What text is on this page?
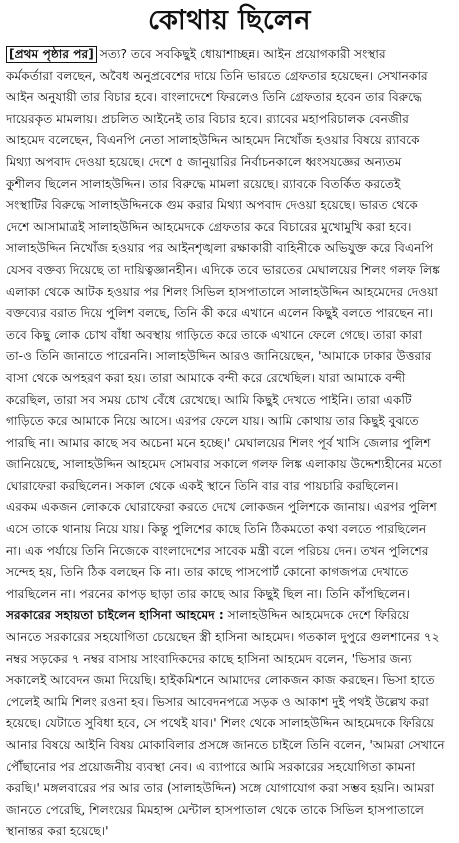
কোথায় ছিলেন
[প্রথম পৃষ্ঠার পর] সত্য? তবে সবকিছুই ধোয়াশাচ্ছন্ন। আইন প্রয়োগকারী সংস্থার
কর্মকর্তারা বলছেন, অবৈধ অনুপ্রবেশের দায়ে তিনি ভারতে গ্রেফতার হয়েছেন। সেখানকার
আইন অনুযায়ী তার বিচার হবে। বাংলাদেশে ফিরলেও তিনি গ্রেফতার হবেন তার বিরুদ্ধে
দায়েরকৃত মামলায়। প্রচলিত আইনেই তার বিচার হবে। র‌্যাবের মহাপরিচালক বেনজীর
আহমেদ বলেছেন, বিএনপি নেতা সালাহউদ্দিন আহমেদ নিখোঁজ হওয়ার বিষয়ে র‌্যাবকে
মিথ্যা অপবাদ দেওয়া হয়েছে। দেশে ৫ জানুয়ারির নির্বাচনকালে ধ্বংসযজ্ঞের অন্যতম
কুশীলব ছিলেন সালাহউদ্দিন। তার বিরুদ্ধে মামলা রয়েছে। র‌্যাবকে বিতর্কিত করতেই
সংস্থাটির বিরুদ্ধে সালাহউদ্দিনকে গুম করার মিথ্যা অপবাদ দেওয়া হয়েছে। ভারত থেকে
দেশে আসামাত্রই সালাহউদ্দিন আহমেদকে গ্রেফতার করে বিচারের মুখোমুখি করা হবে।
সালাহউদ্দিন নিখোঁজ হওয়ার পর আইনশৃঙ্খলা রক্ষাকারী বাহিনীকে অভিযুক্ত করে বিএনপি
যেসব বক্তব্য দিয়েছে তা দায়িত্বজ্ঞানহীন। এদিকে তবে ভারতের মেঘালয়ের শিলং গলফ লিঙ্ক
এলাকা থেকে আটক হওয়ার পর শিলং সিভিল হাসপাতালে সালাহউদ্দিন আহমেদের দেওয়া
বক্তব্যের বরাত দিয়ে পুলিশ বলছে, তিনি কী করে এখানে এলেন কিছুই বলতে পারছেন না।
তবে কিছু লোক চোখ বাঁধা অবস্থায় গাড়িতে করে তাকে এখানে ফেলে গেছে। তারা কারা
তা-ও তিনি জানাতে পারেননি। সালাহউদ্দিন আরও জানিয়েছেন, 'আমাকে ঢাকার উত্তরার
বাসা থেকে অপহরণ করা হয়। তারা আমাকে বন্দী করে রেখেছিল। যারা আমাকে বন্দী
করেছিল, তারা সব সময় চোখ বেঁধে রেখেছে। আমি কিছুই দেখতে পাইনি। তারা একটি
গাড়িতে করে আমাকে নিয়ে আসে। এরপর ফেলে যায়। আমি কোথায় তার কিছুই বুঝতে
পারছি না। আমার কাছে সব অচেনা মনে হচ্ছে।' মেঘালয়ের শিলং পূর্ব খাসি জেলার পুলিশ
জানিয়েছে, সালাহউদ্দিন আহমেদ সোমবার সকালে গলফ লিঙ্ক এলাকায় উদ্দেশ্যহীনের মতো
ঘোরাফেরা করছিলেন। সকাল থেকে একই স্থানে তিনি বার বার পায়চারি করছিলেন।
এরকম একজন লোককে ঘোরাফেরা করতে দেখে লোকজন পুলিশকে জানায়। এরপর পুলিশ
এসে তাকে থানায় নিয়ে যায়। কিন্তু পুলিশের কাছে তিনি ঠিকমতো কথা বলতে পারছিলেন
না। এক পর্যায়ে তিনি নিজেকে বাংলাদেশের সাবেক মন্ত্রী বলে পরিচয় দেন। তখন পুলিশের
সন্দেহ হয়, তিনি ঠিক বলছেন কি না। তার কাছে পাসপোর্ট কোনো কাগজপত্র দেখাতে
পারছিলেন না। পরনের কাপড় ছাড়া তার কাছে আর কিছুই ছিল না। তিনি কাঁপছিলেন।
সরকারের সহায়তা চাইলেন হাসিনা আহমেদ : সালাহউদ্দিন আহমেদকে দেশে ফিরিয়ে
আনতে সরকারের সহযোগিতা চেয়েছেন স্ত্রী হাসিনা আহমেদ। গতকাল দুপুরে গুলশানের ৭২
নম্বর সড়কের ৭ নম্বর বাসায় সাংবাদিকদের কাছে হাসিনা আহমেদ বলেন, 'ভিসার জন্য
সকালেই আবেদন জমা দিয়েছি। হাইকমিশনে আমাদের লোকজন কাজ করছেন। ভিসা হাতে
পেলেই আমি শিলং রওনা হব। ভিসার আবেদনপত্রে সড়ক ও আকাশ দুই পথই উল্লেখ করা
হয়েছে। যেটাতে সুবিধা হবে, সে পথেই যাব।' শিলং থেকে সালাহউদ্দিন আহমেদকে ফিরিয়ে
আনার বিষয়ে আইনি বিষয় মোকাবিলার প্রসঙ্গে জানতে চাইলে তিনি বলেন, 'আমরা সেখানে
পৌঁছানোর পর প্রয়োজনীয় ব্যবস্থা নেব। এ ব্যাপারে আমি সরকারের সহযোগিতা কামনা
করছি।' মঙ্গলবারের পর আর তার (সালাহউদ্দিন) সঙ্গে যোগাযোগ করা সম্ভব হয়নি। আমরা
জানতে পেরেছি, শিলংয়ের মিমহান্স মেন্টাল হাসপাতাল থেকে তাকে সিভিল হাসপাতালে
স্থানান্তর করা হয়েছে।'
